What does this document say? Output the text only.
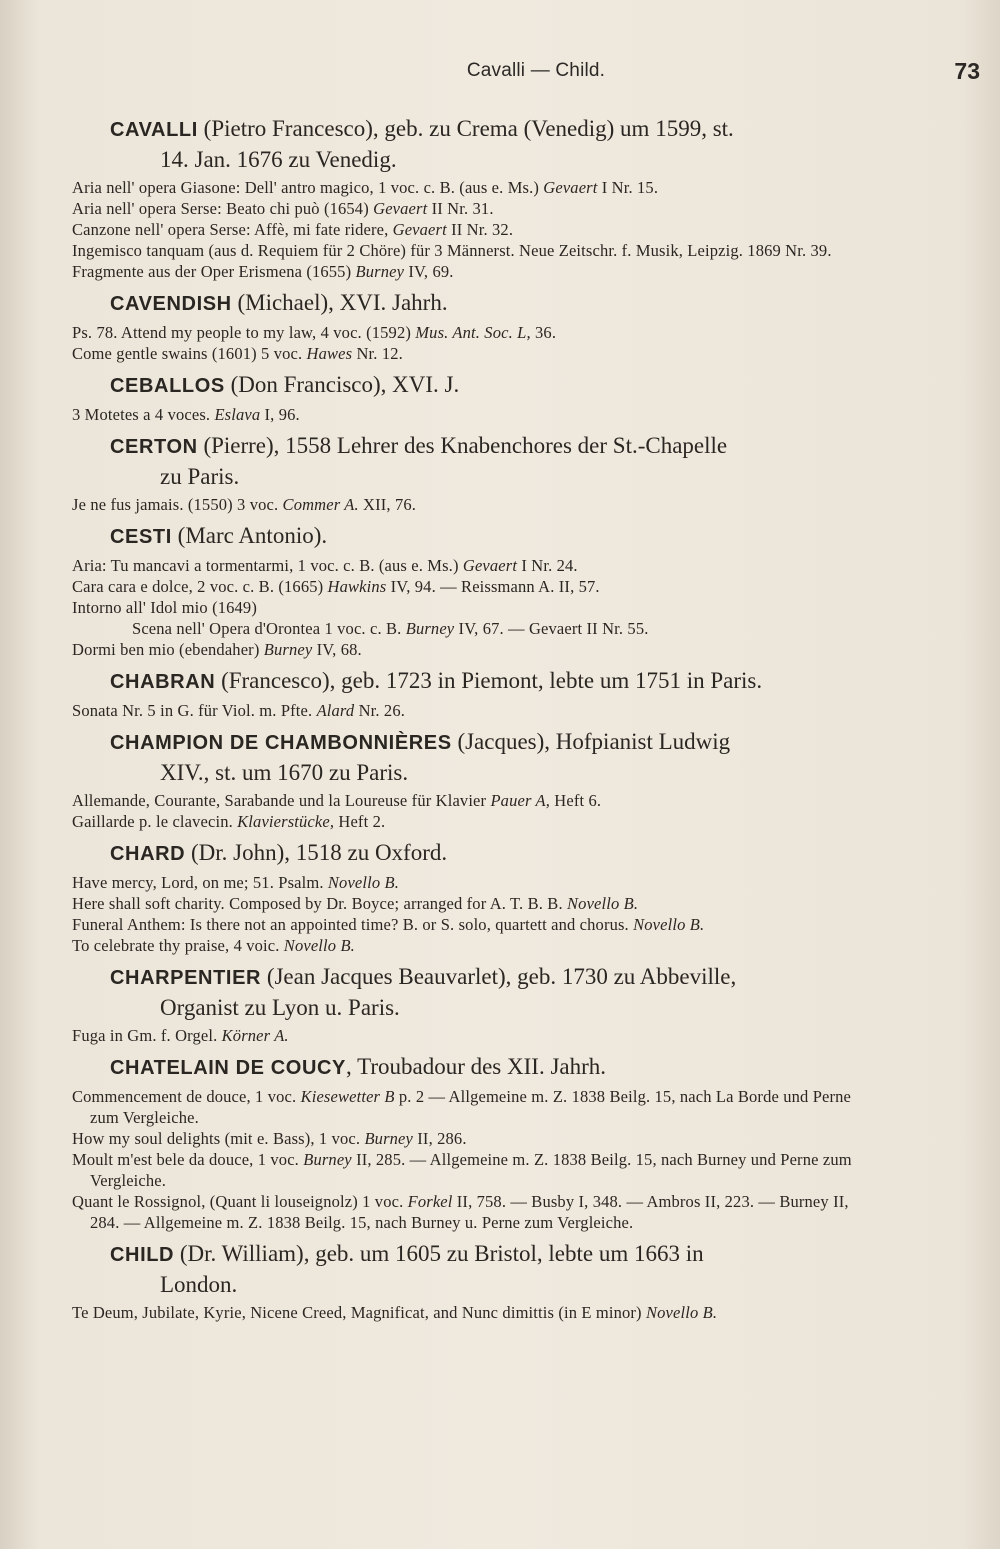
Cavalli — Child.	73
CAVALLI (Pietro Francesco), geb. zu Crema (Venedig) um 1599, st.
14. Jan. 1676 zu Venedig.
Aria nell' opera Giasone: Dell' antro magico, 1 voc. c. B. (aus e. Ms.) Gevaert I Nr. 15.
Aria nell' opera Serse: Beato chi può (1654) Gevaert II Nr. 31.
Canzone nell' opera Serse: Affè, mi fate ridere, Gevaert II Nr. 32.
Ingemisco tanquam (aus d. Requiem für 2 Chöre) für 3 Männerst. Neue Zeitschr. f. Musik, Leipzig. 1869 Nr. 39.
Fragmente aus der Oper Erismena (1655) Burney IV, 69.
CAVENDISH (Michael), XVI. Jahrh.
Ps. 78. Attend my people to my law, 4 voc. (1592) Mus. Ant. Soc. L, 36.
Come gentle swains (1601) 5 voc. Hawes Nr. 12.
CEBALLOS (Don Francisco), XVI. J.
3 Motetes a 4 voces. Eslava I, 96.
CERTON (Pierre), 1558 Lehrer des Knabenchores der St.-Chapelle
zu Paris.
Je ne fus jamais. (1550) 3 voc. Commer A. XII, 76.
CESTI (Marc Antonio).
Aria: Tu mancavi a tormentarmi, 1 voc. c. B. (aus e. Ms.) Gevaert I Nr. 24.
Cara cara e dolce, 2 voc. c. B. (1665) Hawkins IV, 94. — Reissmann A. II, 57.
Intorno all' Idol mio (1649)
Scena nell' Opera d'Orontea 1 voc. c. B. Burney IV, 67. — Gevaert II Nr. 55.
Dormi ben mio (ebendaher) Burney IV, 68.
CHABRAN (Francesco), geb. 1723 in Piemont, lebte um 1751 in Paris.
Sonata Nr. 5 in G. für Viol. m. Pfte. Alard Nr. 26.
CHAMPION DE CHAMBONNIÈRES (Jacques), Hofpianist Ludwig
XIV., st. um 1670 zu Paris.
Allemande, Courante, Sarabande und la Loureuse für Klavier Pauer A, Heft 6.
Gaillarde p. le clavecin. Klavierstücke, Heft 2.
CHARD (Dr. John), 1518 zu Oxford.
Have mercy, Lord, on me; 51. Psalm. Novello B.
Here shall soft charity. Composed by Dr. Boyce; arranged for A. T. B. B. Novello B.
Funeral Anthem: Is there not an appointed time? B. or S. solo, quartett and chorus. Novello B.
To celebrate thy praise, 4 voic. Novello B.
CHARPENTIER (Jean Jacques Beauvarlet), geb. 1730 zu Abbeville,
Organist zu Lyon u. Paris.
Fuga in Gm. f. Orgel. Körner A.
CHATELAIN DE COUCY, Troubadour des XII. Jahrh.
Commencement de douce, 1 voc. Kiesewetter B p. 2 — Allgemeine m. Z. 1838 Beilg. 15, nach La Borde und Perne zum Vergleiche.
How my soul delights (mit e. Bass), 1 voc. Burney II, 286.
Moult m'est bele da douce, 1 voc. Burney II, 285. — Allgemeine m. Z. 1838 Beilg. 15, nach Burney und Perne zum Vergleiche.
Quant le Rossignol, (Quant li louseignolz) 1 voc. Forkel II, 758. — Busby I, 348. — Ambros II, 223. — Burney II, 284. — Allgemeine m. Z. 1838 Beilg. 15, nach Burney u. Perne zum Vergleiche.
CHILD (Dr. William), geb. um 1605 zu Bristol, lebte um 1663 in
London.
Te Deum, Jubilate, Kyrie, Nicene Creed, Magnificat, and Nunc dimittis (in E minor) Novello B.
